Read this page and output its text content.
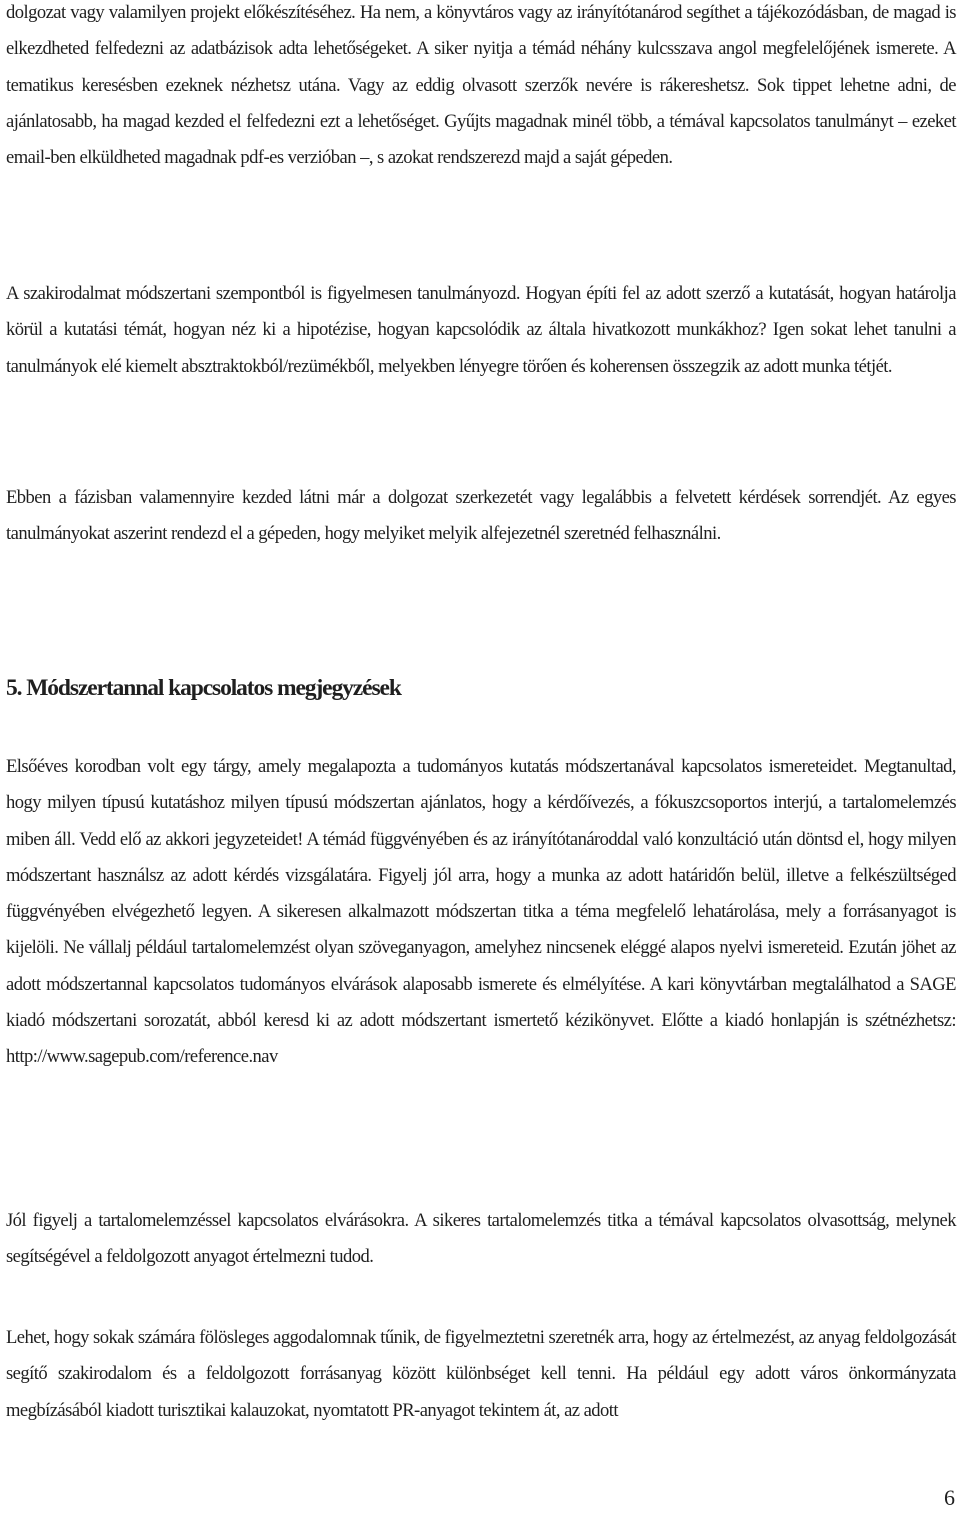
dolgozat vagy valamilyen projekt előkészítéséhez. Ha nem, a könyvtáros vagy az irányítótanárod segíthet a tájékozódásban, de magad is elkezdheted felfedezni az adatbázisok adta lehetőségeket. A siker nyitja a témád néhány kulcsszava angol megfelelőjének ismerete. A tematikus keresésben ezeknek nézhetsz utána. Vagy az eddig olvasott szerzők nevére is rákereshetsz. Sok tippet lehetne adni, de ajánlatosabb, ha magad kezded el felfedezni ezt a lehetőséget. Gyűjts magadnak minél több, a témával kapcsolatos tanulmányt – ezeket email-ben elküldheted magadnak pdf-es verzióban –, s azokat rendszerezd majd a saját gépeden.

A szakirodalmat módszertani szempontból is figyelmesen tanulmányozd. Hogyan építi fel az adott szerző a kutatását, hogyan határolja körül a kutatási témát, hogyan néz ki a hipotézise, hogyan kapcsolódik az általa hivatkozott munkákhoz? Igen sokat lehet tanulni a tanulmányok elé kiemelt absztraktokból/rezümékből, melyekben lényegre törően és koherensen összegzik az adott munka tétjét.

Ebben a fázisban valamennyire kezded látni már a dolgozat szerkezetét vagy legalábbis a felvetett kérdések sorrendjét. Az egyes tanulmányokat aszerint rendezd el a gépeden, hogy melyiket melyik alfejezetnél szeretnéd felhasználni.

5. Módszertannal kapcsolatos megjegyzések

Elsőéves korodban volt egy tárgy, amely megalapozta a tudományos kutatás módszertanával kapcsolatos ismereteidet. Megtanultad, hogy milyen típusú kutatáshoz milyen típusú módszertan ajánlatos, hogy a kérdőívezés, a fókuszcsoportos interjú, a tartalomelemzés miben áll. Vedd elő az akkori jegyzeteidet! A témád függvényében és az irányítótanároddal való konzultáció után döntsd el, hogy milyen módszertant használsz az adott kérdés vizsgálatára. Figyelj jól arra, hogy a munka az adott határidőn belül, illetve a felkészültséged függvényében elvégezhető legyen. A sikeresen alkalmazott módszertan titka a téma megfelelő lehatárolása, mely a forrásanyagot is kijelöli. Ne vállalj például tartalomelemzést olyan szöveganyagon, amelyhez nincsenek eléggé alapos nyelvi ismereteid. Ezután jöhet az adott módszertannal kapcsolatos tudományos elvárások alaposabb ismerete és elmélyítése. A kari könyvtárban megtalálhatod a SAGE kiadó módszertani sorozatát, abból keresd ki az adott módszertant ismertető kézikönyvet. Előtte a kiadó honlapján is szétnézhetsz: http://www.sagepub.com/reference.nav

Jól figyelj a tartalomelemzéssel kapcsolatos elvárásokra. A sikeres tartalomelemzés titka a témával kapcsolatos olvasottság, melynek segítségével a feldolgozott anyagot értelmezni tudod.

Lehet, hogy sokak számára fölösleges aggodalomnak tűnik, de figyelmeztetni szeretnék arra, hogy az értelmezést, az anyag feldolgozását segítő szakirodalom és a feldolgozott forrásanyag között különbséget kell tenni. Ha például egy adott város önkormányzata megbízásából kiadott turisztikai kalauzokat, nyomtatott PR-anyagot tekintem át, az adott

6
